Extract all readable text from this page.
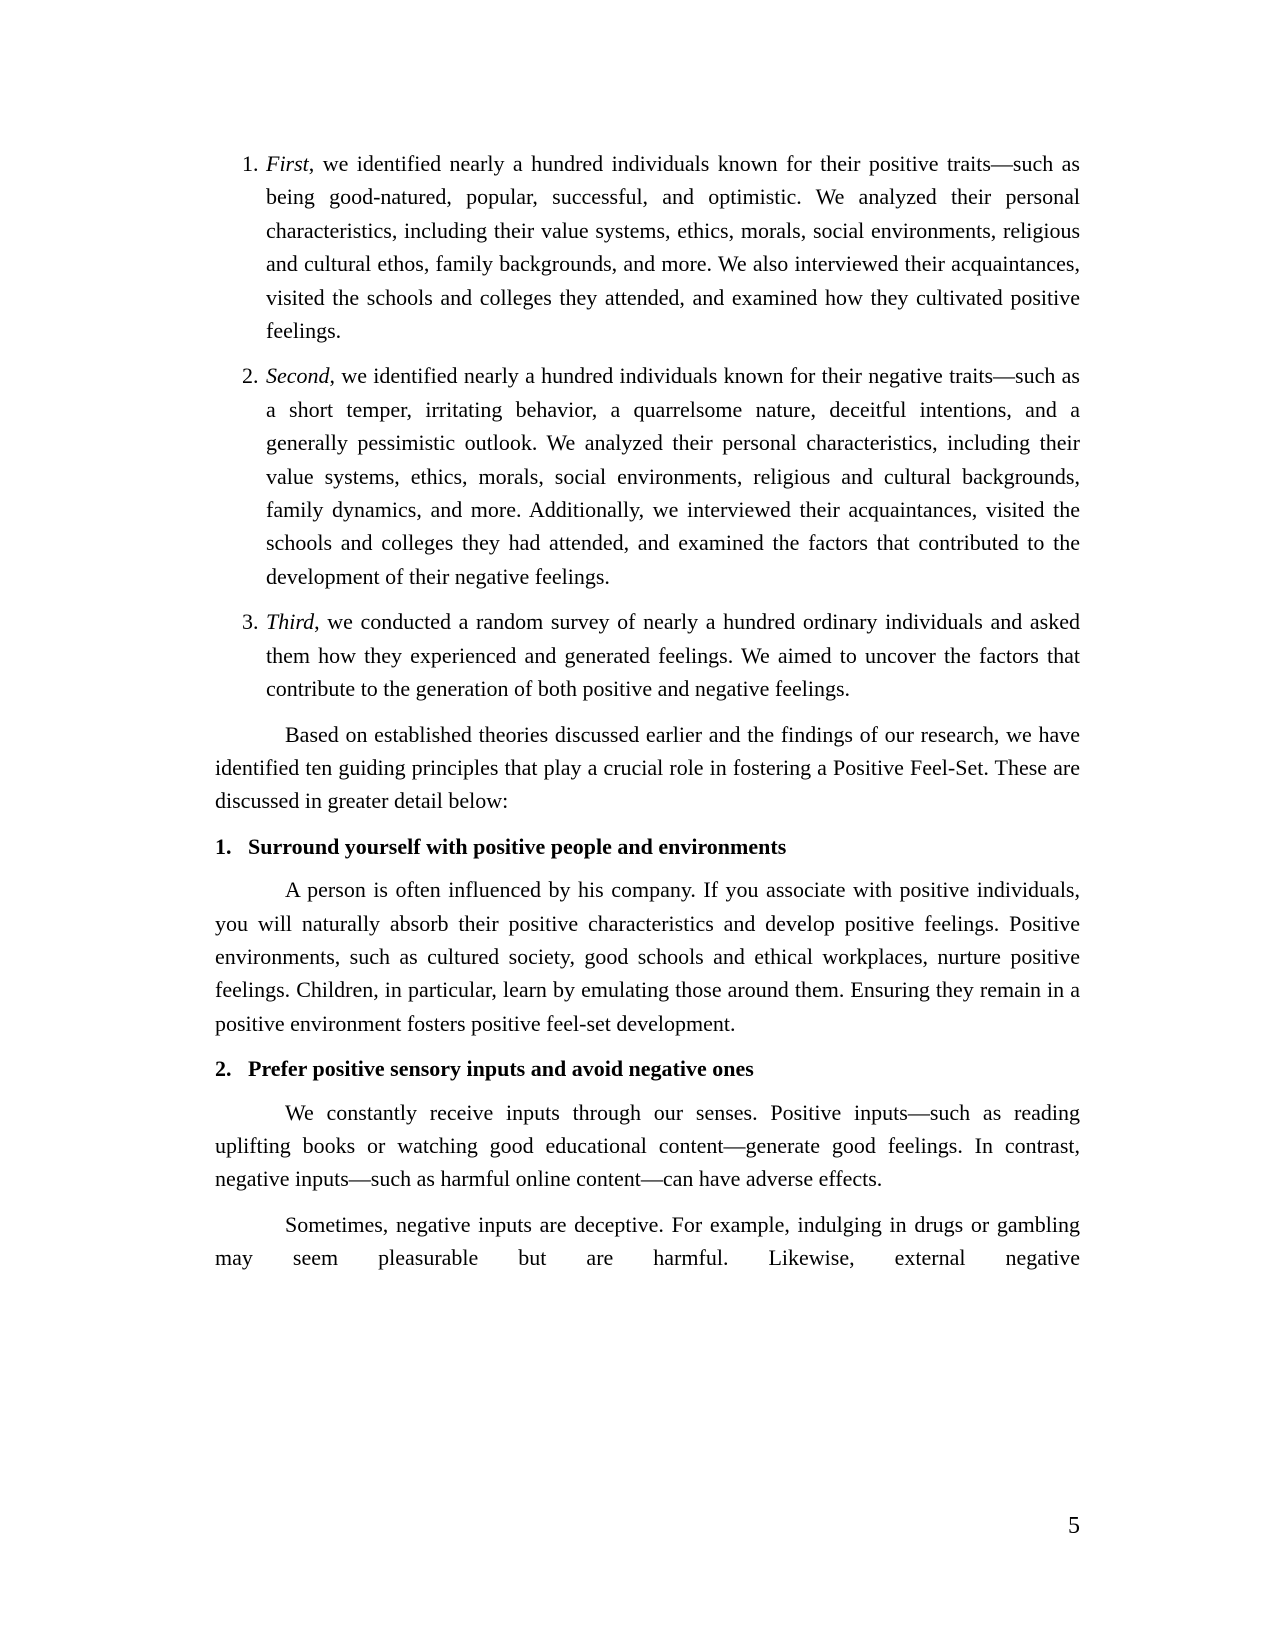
1. First, we identified nearly a hundred individuals known for their positive traits—such as being good-natured, popular, successful, and optimistic. We analyzed their personal characteristics, including their value systems, ethics, morals, social environments, religious and cultural ethos, family backgrounds, and more. We also interviewed their acquaintances, visited the schools and colleges they attended, and examined how they cultivated positive feelings.
2. Second, we identified nearly a hundred individuals known for their negative traits—such as a short temper, irritating behavior, a quarrelsome nature, deceitful intentions, and a generally pessimistic outlook. We analyzed their personal characteristics, including their value systems, ethics, morals, social environments, religious and cultural backgrounds, family dynamics, and more. Additionally, we interviewed their acquaintances, visited the schools and colleges they had attended, and examined the factors that contributed to the development of their negative feelings.
3. Third, we conducted a random survey of nearly a hundred ordinary individuals and asked them how they experienced and generated feelings. We aimed to uncover the factors that contribute to the generation of both positive and negative feelings.

Based on established theories discussed earlier and the findings of our research, we have identified ten guiding principles that play a crucial role in fostering a Positive Feel-Set. These are discussed in greater detail below:

1. Surround yourself with positive people and environments

A person is often influenced by his company. If you associate with positive individuals, you will naturally absorb their positive characteristics and develop positive feelings. Positive environments, such as cultured society, good schools and ethical workplaces, nurture positive feelings. Children, in particular, learn by emulating those around them. Ensuring they remain in a positive environment fosters positive feel-set development.

2. Prefer positive sensory inputs and avoid negative ones

We constantly receive inputs through our senses. Positive inputs—such as reading uplifting books or watching good educational content—generate good feelings. In contrast, negative inputs—such as harmful online content—can have adverse effects.

Sometimes, negative inputs are deceptive. For example, indulging in drugs or gambling may seem pleasurable but are harmful. Likewise, external negative

5
